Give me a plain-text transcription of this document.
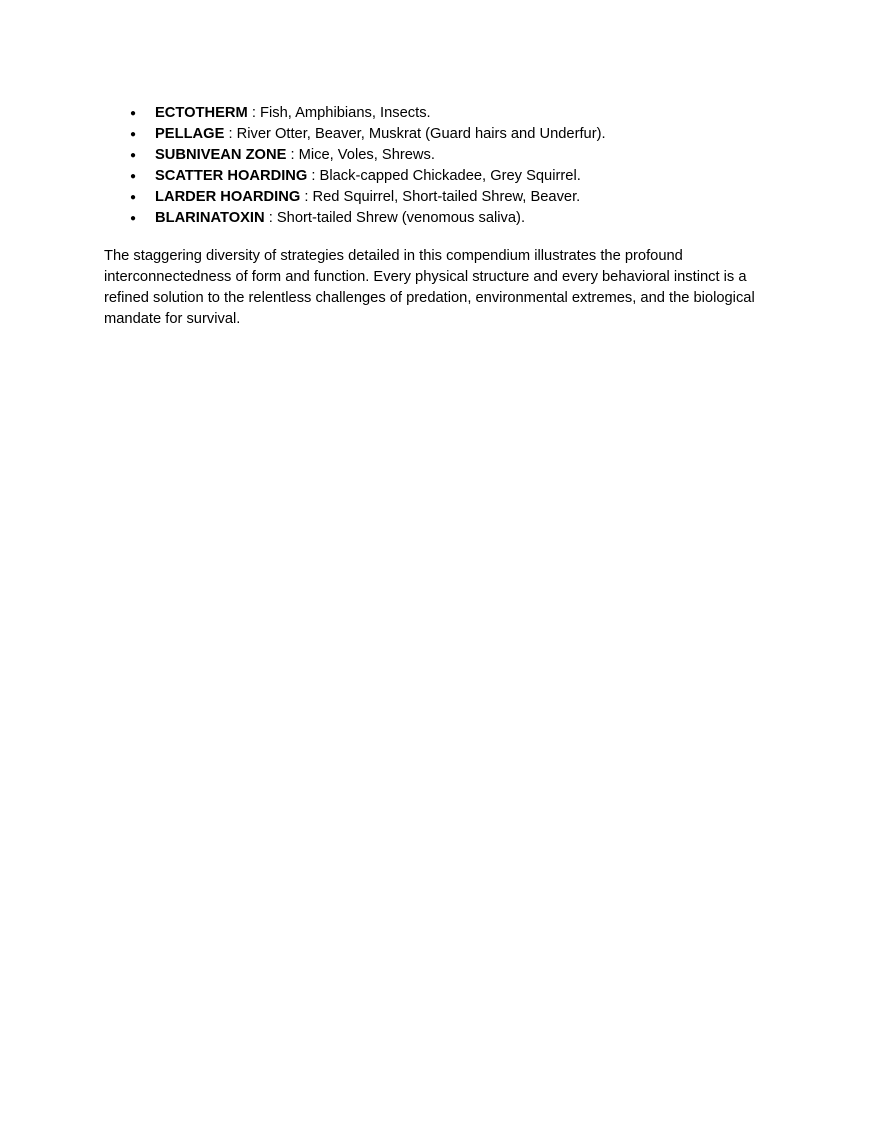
● ECTOTHERM : Fish, Amphibians, Insects.
● PELLAGE : River Otter, Beaver, Muskrat (Guard hairs and Underfur).
● SUBNIVEAN ZONE : Mice, Voles, Shrews.
● SCATTER HOARDING : Black-capped Chickadee, Grey Squirrel.
● LARDER HOARDING : Red Squirrel, Short-tailed Shrew, Beaver.
● BLARINATOXIN : Short-tailed Shrew (venomous saliva).

The staggering diversity of strategies detailed in this compendium illustrates the profound interconnectedness of form and function. Every physical structure and every behavioral instinct is a refined solution to the relentless challenges of predation, environmental extremes, and the biological mandate for survival.
